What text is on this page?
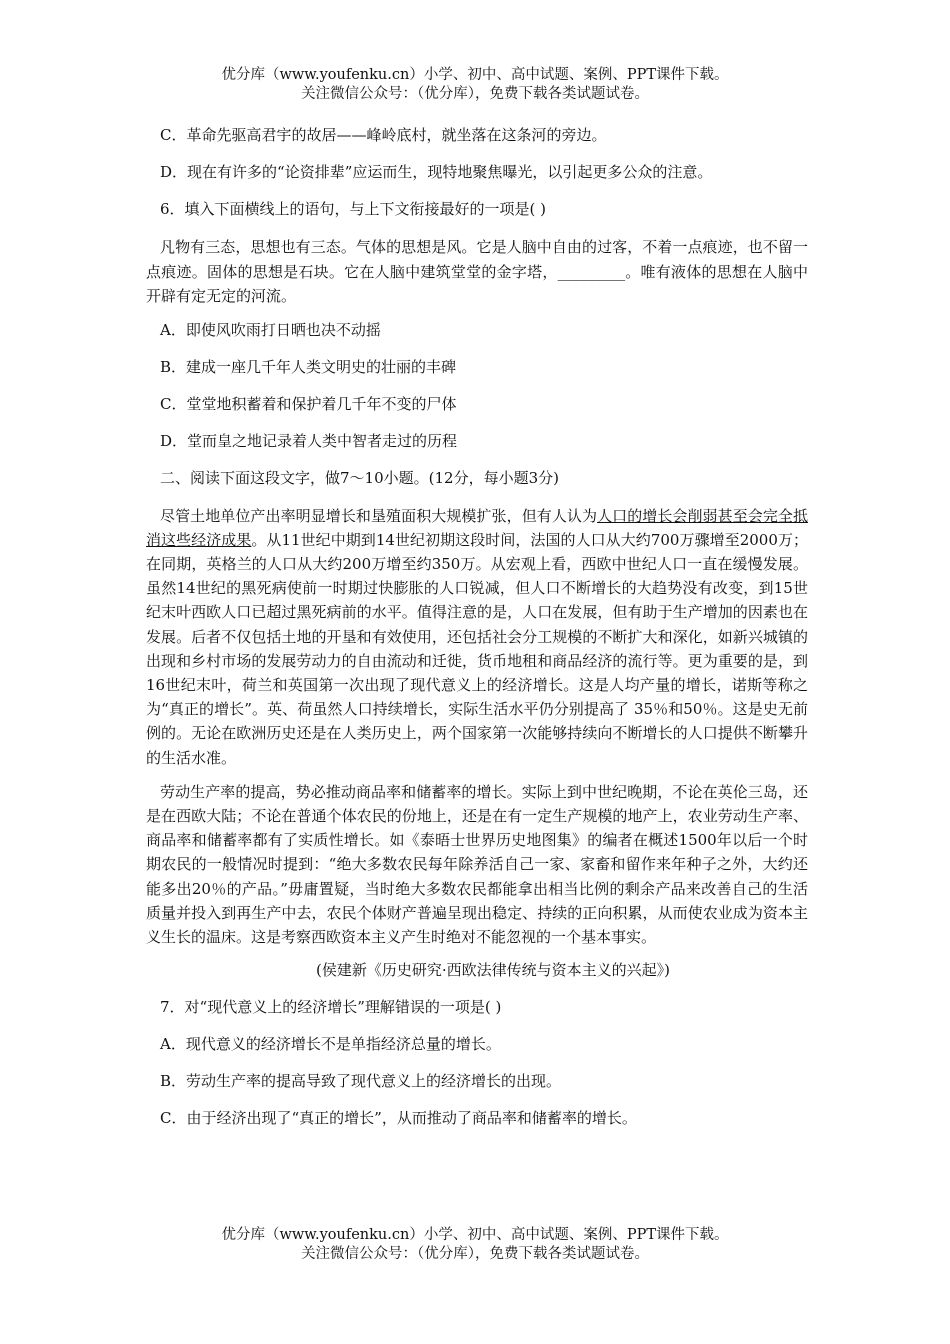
优分库（www.youfenku.cn）小学、初中、高中试题、案例、PPT课件下载。
关注微信公众号：（优分库），免费下载各类试题试卷。
C．革命先驱高君宇的故居——峰岭底村，就坐落在这条河的旁边。
D．现在有许多的“论资排辈”应运而生，现特地聚焦曝光，以引起更多公众的注意。
6．填入下面横线上的语句，与上下文衔接最好的一项是( )
凡物有三态，思想也有三态。气体的思想是风。它是人脑中自由的过客，不着一点痕迹，也不留一点痕迹。固体的思想是石块。它在人脑中建筑堂堂的金字塔，_________。唯有液体的思想在人脑中开辟有定无定的河流。
A．即使风吹雨打日晒也决不动摇
B．建成一座几千年人类文明史的壮丽的丰碑
C．堂堂地积蓄着和保护着几千年不变的尸体
D．堂而皇之地记录着人类中智者走过的历程
二、阅读下面这段文字，做7～10小题。(12分，每小题3分)
尽管土地单位产出率明显增长和垦殖面积大规模扩张，但有人认为人口的增长会削弱甚至会完全抵消这些经济成果。从11世纪中期到14世纪初期这段时间，法国的人口从大约700万骤增至2000万；在同期，英格兰的人口从大约200万增至约350万。从宏观上看，西欧中世纪人口一直在缓慢发展。虽然14世纪的黑死病使前一时期过快膨胀的人口锐减，但人口不断增长的大趋势没有改变，到15世纪末叶西欧人口已超过黑死病前的水平。值得注意的是，人口在发展，但有助于生产增加的因素也在发展。后者不仅包括土地的开垦和有效使用，还包括社会分工规模的不断扩大和深化，如新兴城镇的出现和乡村市场的发展劳动力的自由流动和迁徙，货币地租和商品经济的流行等。更为重要的是，到16世纪末叶，荷兰和英国第一次出现了现代意义上的经济增长。这是人均产量的增长，诺斯等称之为“真正的增长”。英、荷虽然人口持续增长，实际生活水平仍分别提高了 35％和50％。这是史无前例的。无论在欧洲历史还是在人类历史上，两个国家第一次能够持续向不断增长的人口提供不断攀升的生活水准。
劳动生产率的提高，势必推动商品率和储蓄率的增长。实际上到中世纪晚期，不论在英伦三岛，还是在西欧大陆；不论在普通个体农民的份地上，还是在有一定生产规模的地产上，农业劳动生产率、商品率和储蓄率都有了实质性增长。如《泰晤士世界历史地图集》的编者在概述1500年以后一个时期农民的一般情况时提到：“绝大多数农民每年除养活自己一家、家畜和留作来年种子之外，大约还能多出20％的产品。”毋庸置疑，当时绝大多数农民都能拿出相当比例的剩余产品来改善自己的生活质量并投入到再生产中去，农民个体财产普遍呈现出稳定、持续的正向积累，从而使农业成为资本主义生长的温床。这是考察西欧资本主义产生时绝对不能忽视的一个基本事实。
(侯建新《历史研究·西欧法律传统与资本主义的兴起》)
7．对“现代意义上的经济增长”理解错误的一项是( )
A．现代意义的经济增长不是单指经济总量的增长。
B．劳动生产率的提高导致了现代意义上的经济增长的出现。
C．由于经济出现了“真正的增长”，从而推动了商品率和储蓄率的增长。
优分库（www.youfenku.cn）小学、初中、高中试题、案例、PPT课件下载。
关注微信公众号：（优分库），免费下载各类试题试卷。
